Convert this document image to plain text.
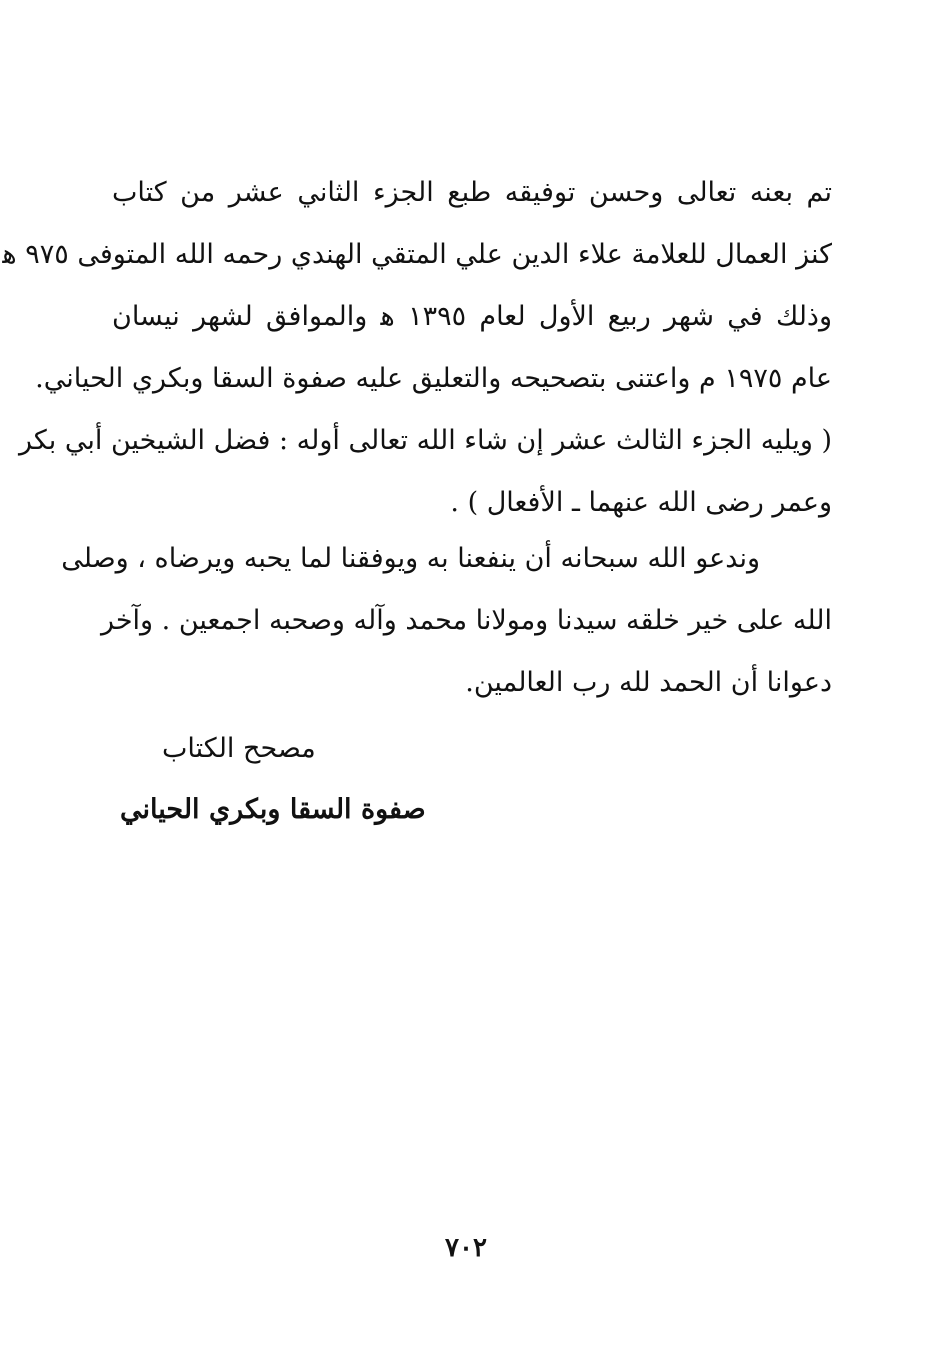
تم بعنه تعالى وحسن توفيقه طبع الجزء الثاني عشر من كتاب
كنز العمال للعلامة علاء الدين علي المتقي الهندي رحمه الله المتوفى ٩٧٥ ﻫ
وذلك في شهر ربيع الأول لعام ١٣٩٥ ﻫ والموافق لشهر نيسان
عام ١٩٧٥ م واعتنى بتصحيحه والتعليق عليه صفوة السقا وبكري الحياني.
( ويليه الجزء الثالث عشر إن شاء الله تعالى أوله : فضل الشيخين أبي بكر
وعمر رضى الله عنهما ـ الأفعال ) .
وندعو الله سبحانه أن ينفعنا به ويوفقنا لما يحبه ويرضاه ، وصلى
الله على خير خلقه سيدنا ومولانا محمد وآله وصحبه اجمعين . وآخر
دعوانا أن الحمد لله رب العالمين.
مصحح الكتاب
صفوة السقا وبكري الحياني
٧٠٢
